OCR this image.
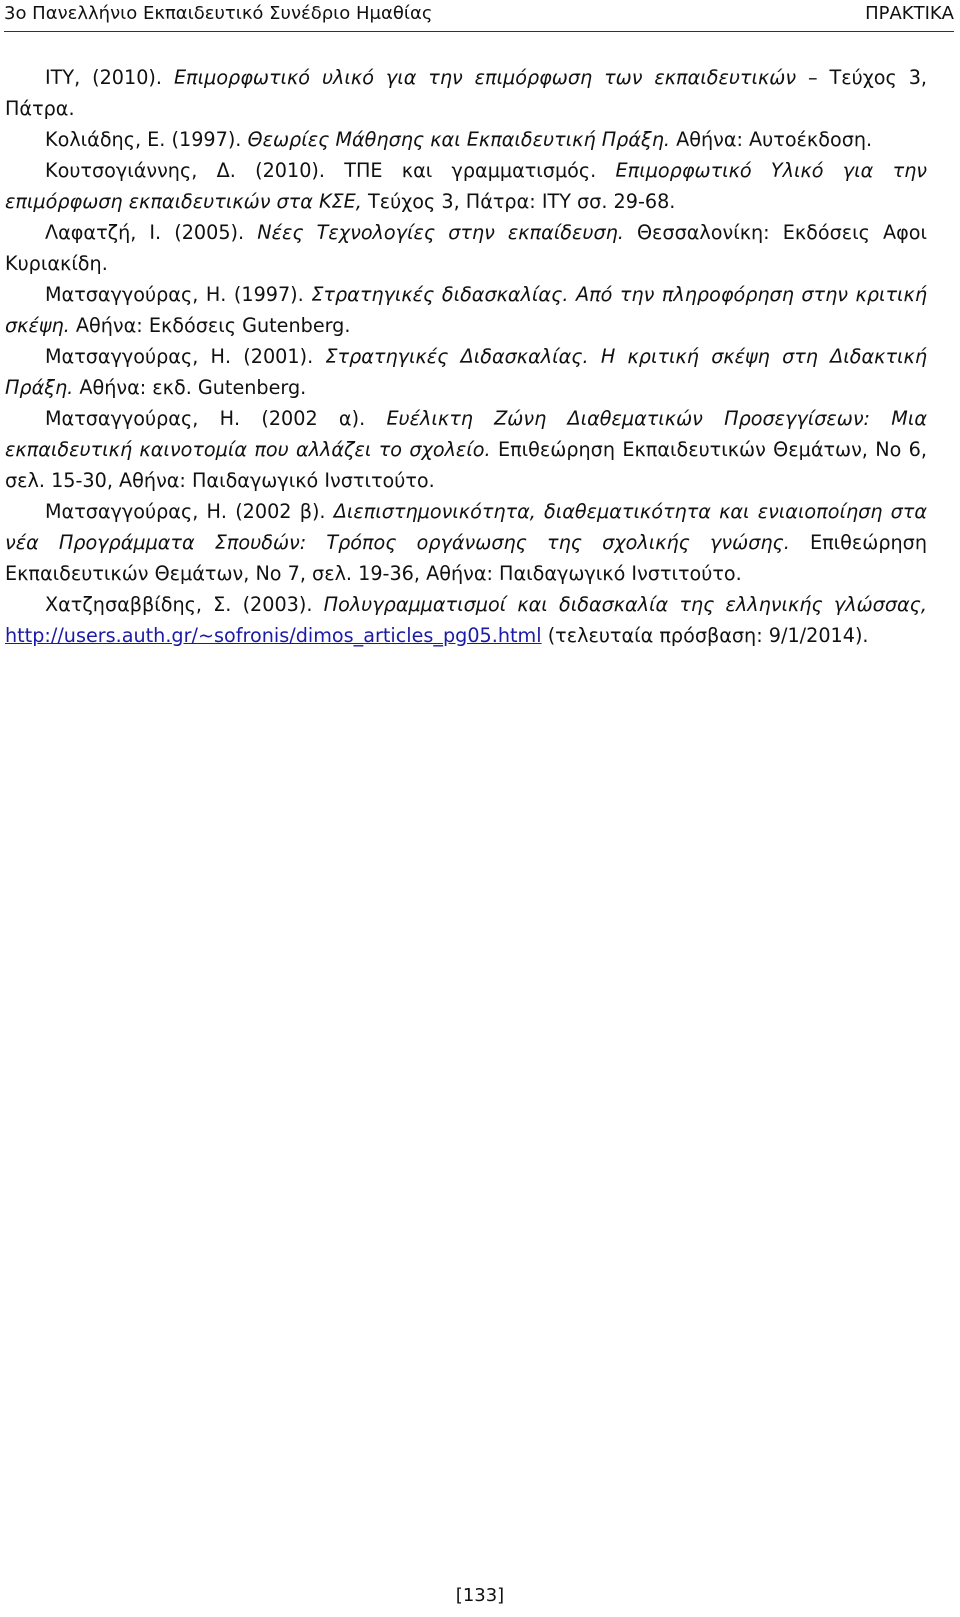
3ο Πανελλήνιο Εκπαιδευτικό Συνέδριο Ημαθίας	ΠΡΑΚΤΙΚΑ

ΙΤΥ, (2010). Επιμορφωτικό υλικό για την επιμόρφωση των εκπαιδευτικών – Τεύχος 3, Πάτρα.

Κολιάδης, Ε. (1997). Θεωρίες Μάθησης και Εκπαιδευτική Πράξη. Αθήνα: Αυτοέκδοση.

Κουτσογιάννης, Δ. (2010). ΤΠΕ και γραμματισμός. Επιμορφωτικό Υλικό για την επιμόρφωση εκπαιδευτικών στα ΚΣΕ, Τεύχος 3, Πάτρα: ΙΤΥ σσ. 29-68.

Λαφατζή, Ι. (2005). Νέες Τεχνολογίες στην εκπαίδευση. Θεσσαλονίκη: Εκδόσεις Αφοι Κυριακίδη.

Ματσαγγούρας, Η. (1997). Στρατηγικές διδασκαλίας. Από την πληροφόρηση στην κριτική σκέψη. Αθήνα: Εκδόσεις Gutenberg.

Ματσαγγούρας, Η. (2001). Στρατηγικές Διδασκαλίας. Η κριτική σκέψη στη Διδακτική Πράξη. Αθήνα: εκδ. Gutenberg.

Ματσαγγούρας, Η. (2002 α). Ευέλικτη Ζώνη Διαθεματικών Προσεγγίσεων: Μια εκπαιδευτική καινοτομία που αλλάζει το σχολείο. Επιθεώρηση Εκπαιδευτικών Θεμάτων, Νο 6, σελ. 15-30, Αθήνα: Παιδαγωγικό Ινστιτούτο.

Ματσαγγούρας, Η. (2002 β). Διεπιστημονικότητα, διαθεματικότητα και ενιαιοποίηση στα νέα Προγράμματα Σπουδών: Τρόπος οργάνωσης της σχολικής γνώσης. Επιθεώρηση Εκπαιδευτικών Θεμάτων, Νο 7, σελ. 19-36, Αθήνα: Παιδαγωγικό Ινστιτούτο.

Χατζησαββίδης, Σ. (2003). Πολυγραμματισμοί και διδασκαλία της ελληνικής γλώσσας, http://users.auth.gr/~sofronis/dimos_articles_pg05.html (τελευταία πρόσβαση: 9/1/2014).

[133]
